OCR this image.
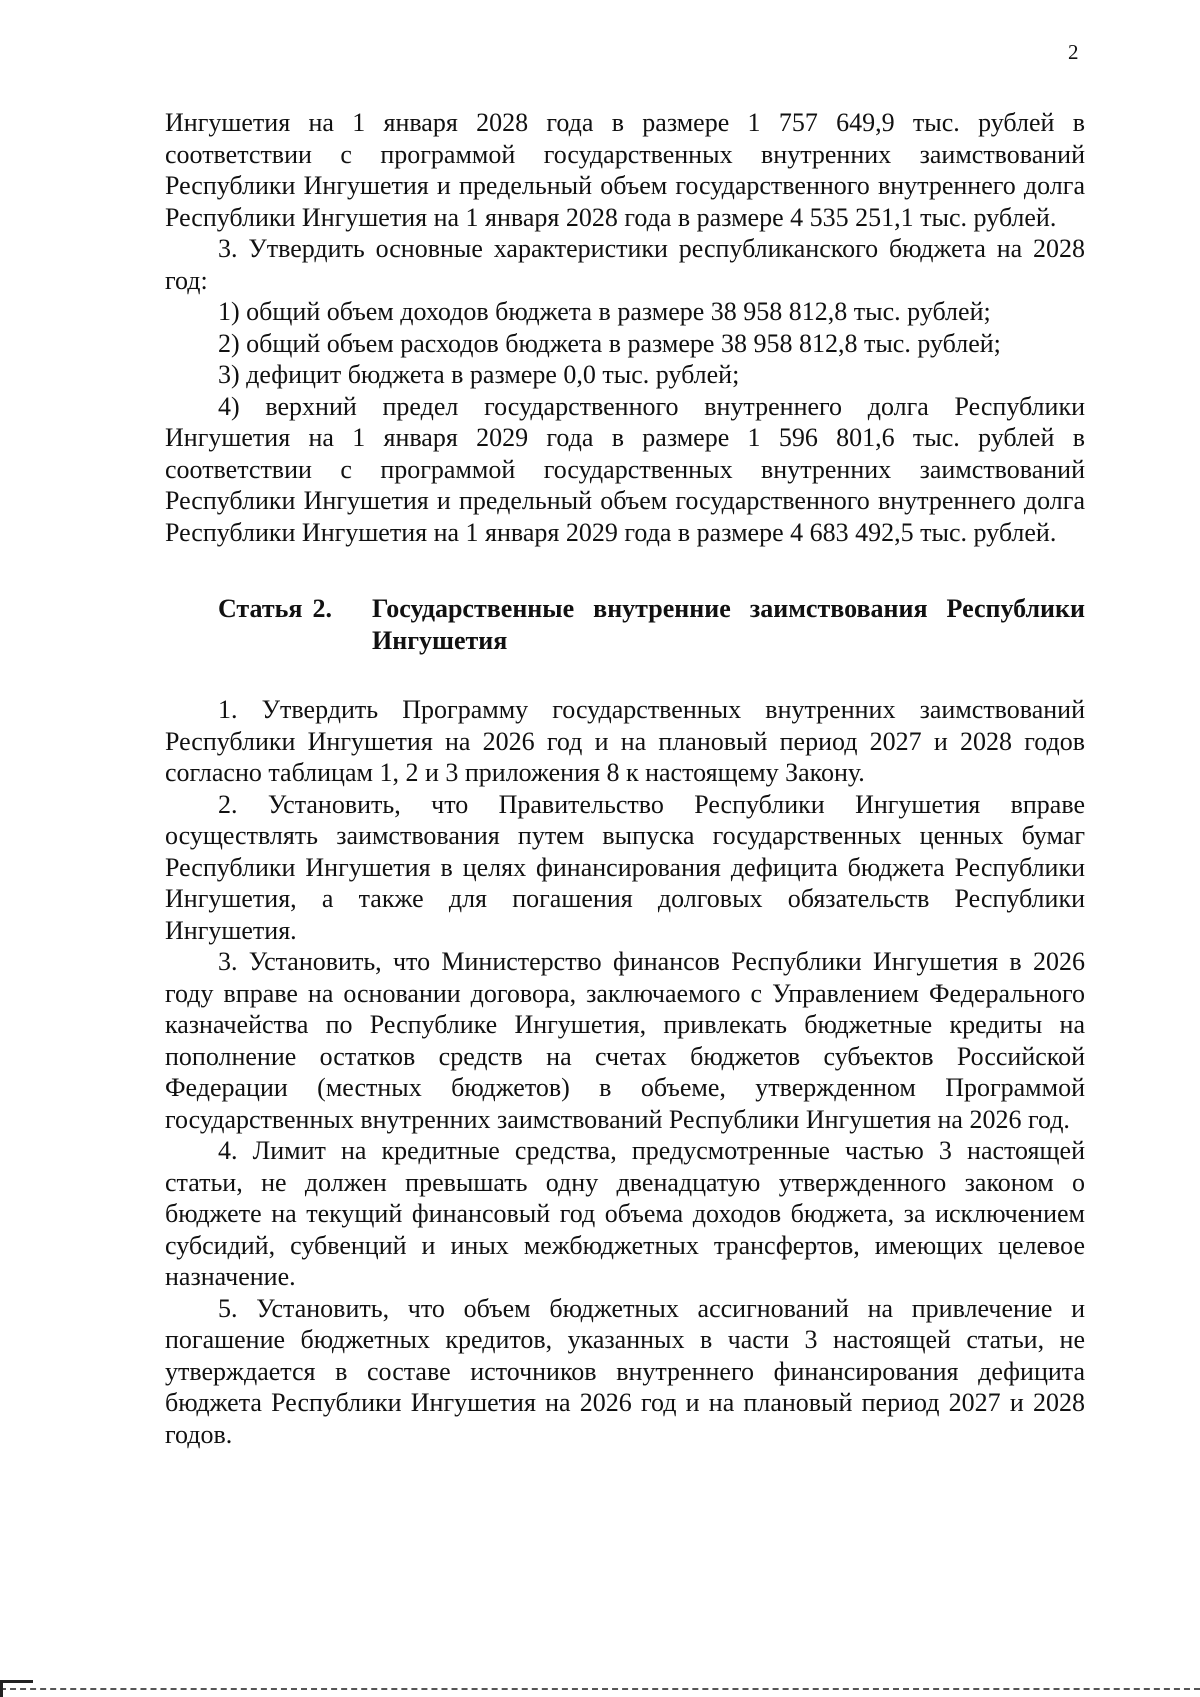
2

Ингушетия на 1 января 2028 года в размере 1 757 649,9 тыс. рублей в соответствии с программой государственных внутренних заимствований Республики Ингушетия и предельный объем государственного внутреннего долга Республики Ингушетия на 1 января 2028 года в размере 4 535 251,1 тыс. рублей.

3. Утвердить основные характеристики республиканского бюджета на 2028 год:

1) общий объем доходов бюджета в размере 38 958 812,8 тыс. рублей;

2) общий объем расходов бюджета в размере 38 958 812,8 тыс. рублей;

3) дефицит бюджета в размере 0,0 тыс. рублей;

4) верхний предел государственного внутреннего долга Республики Ингушетия на 1 января 2029 года в размере 1 596 801,6 тыс. рублей в соответствии с программой государственных внутренних заимствований Республики Ингушетия и предельный объем государственного внутреннего долга Республики Ингушетия на 1 января 2029 года в размере 4 683 492,5 тыс. рублей.

Статья 2. Государственные внутренние заимствования Республики Ингушетия

1. Утвердить Программу государственных внутренних заимствований Республики Ингушетия на 2026 год и на плановый период 2027 и 2028 годов согласно таблицам 1, 2 и 3 приложения 8 к настоящему Закону.

2. Установить, что Правительство Республики Ингушетия вправе осуществлять заимствования путем выпуска государственных ценных бумаг Республики Ингушетия в целях финансирования дефицита бюджета Республики Ингушетия, а также для погашения долговых обязательств Республики Ингушетия.

3. Установить, что Министерство финансов Республики Ингушетия в 2026 году вправе на основании договора, заключаемого с Управлением Федерального казначейства по Республике Ингушетия, привлекать бюджетные кредиты на пополнение остатков средств на счетах бюджетов субъектов Российской Федерации (местных бюджетов) в объеме, утвержденном Программой государственных внутренних заимствований Республики Ингушетия на 2026 год.

4. Лимит на кредитные средства, предусмотренные частью 3 настоящей статьи, не должен превышать одну двенадцатую утвержденного законом о бюджете на текущий финансовый год объема доходов бюджета, за исключением субсидий, субвенций и иных межбюджетных трансфертов, имеющих целевое назначение.

5. Установить, что объем бюджетных ассигнований на привлечение и погашение бюджетных кредитов, указанных в части 3 настоящей статьи, не утверждается в составе источников внутреннего финансирования дефицита бюджета Республики Ингушетия на 2026 год и на плановый период 2027 и 2028 годов.
